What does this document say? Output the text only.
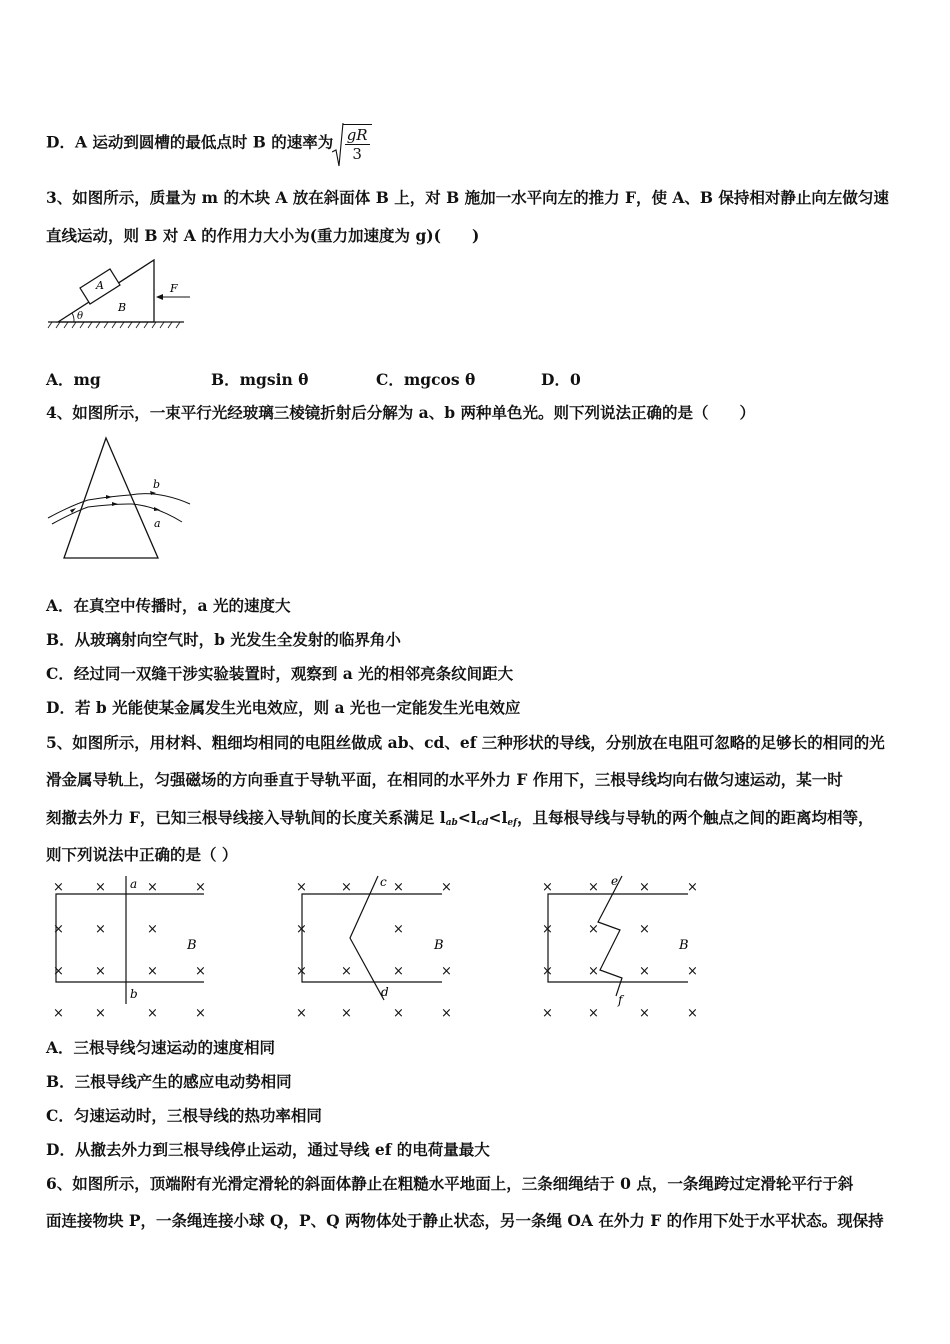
D．A 运动到圆槽的最低点时 B 的速率为 $\frac{gR}{3}$
3、如图所示，质量为 m 的木块 A 放在斜面体 B 上，对 B 施加一水平向左的推力 F，使 A、B 保持相对静止向左做匀速
直线运动，则 B 对 A 的作用力大小为(重力加速度为 g)(　　)
θ
A
B
F
A．mg	B．mgsin θ	C．mgcos θ	D．0
4、如图所示，一束平行光经玻璃三棱镜折射后分解为 a、b 两种单色光。则下列说法正确的是（　　）
b
a
A．在真空中传播时，a 光的速度大
B．从玻璃射向空气时，b 光发生全发射的临界角小
C．经过同一双缝干涉实验装置时，观察到 a 光的相邻亮条纹间距大
D．若 b 光能使某金属发生光电效应，则 a 光也一定能发生光电效应
5、如图所示，用材料、粗细均相同的电阻丝做成 ab、cd、ef 三种形状的导线，分别放在电阻可忽略的足够长的相同的光
滑金属导轨上，匀强磁场的方向垂直于导轨平面，在相同的水平外力 F 作用下，三根导线均向右做匀速运动，某一时
刻撤去外力 F，已知三根导线接入导轨间的长度关系满足 $l_{ab}<l_{cd}<l_{ef}$，且每根导线与导轨的两个触点之间的距离均相等，
则下列说法中正确的是（ ）
× ×	×	×
× ×	×
× ×	×	×
× ×	×	×
a
b
B
×	×	×	×
×	×
×	×	×	×
×	×	×	×
c
d
B
×	×	×	×
×	×	×
×	×	×	×
×	×	×	×
e
f
B
A．三根导线匀速运动的速度相同
B．三根导线产生的感应电动势相同
C．匀速运动时，三根导线的热功率相同
D．从撤去外力到三根导线停止运动，通过导线 ef 的电荷量最大
6、如图所示，顶端附有光滑定滑轮的斜面体静止在粗糙水平地面上，三条细绳结于 0 点，一条绳跨过定滑轮平行于斜
面连接物块 P，一条绳连接小球 Q，P、Q 两物体处于静止状态，另一条绳 OA 在外力 F 的作用下处于水平状态。现保持
